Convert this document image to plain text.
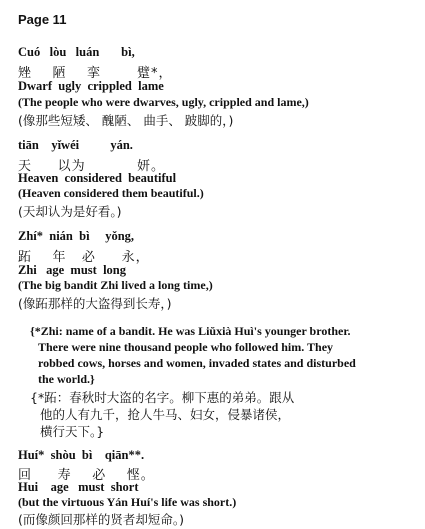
Page 11
Cuó   lòu   luán       bì,
矬    陋    挛       躄*，
Dwarf  ugly  crippled  lame
(The people who were dwarves, ugly, crippled and lame,)
(像那些短矮、 醜陋、 曲手、 跛脚的，)
tiān    yǐwéi          yán.
天     以为          妍。
Heaven  considered  beautiful
(Heaven considered them beautiful.)
(天却认为是好看。)
Zhí*  nián  bì     yǒng,
跖    年   必     永，
Zhi   age  must  long
(The big bandit Zhi lived a long time,)
(像跖那样的大盗得到长寿，)
{*Zhi: name of a bandit. He was Liŭxià Huì's younger brother.
There were nine thousand people who followed him. They
robbed cows, horses and women, invaded states and disturbed
the world.}
{*跖：春秋时大盗的名字。柳下惠的弟弟。跟从
他的人有九千，抢人牛马、妇女，侵暴诸侯，
横行天下。}
Huí*  shòu  bì    qiān**.
回     寿    必    悭。
Hui    age   must  short
(but the virtuous Yán Huí's life was short.)
(而像颜回那样的贤者却短命。)
